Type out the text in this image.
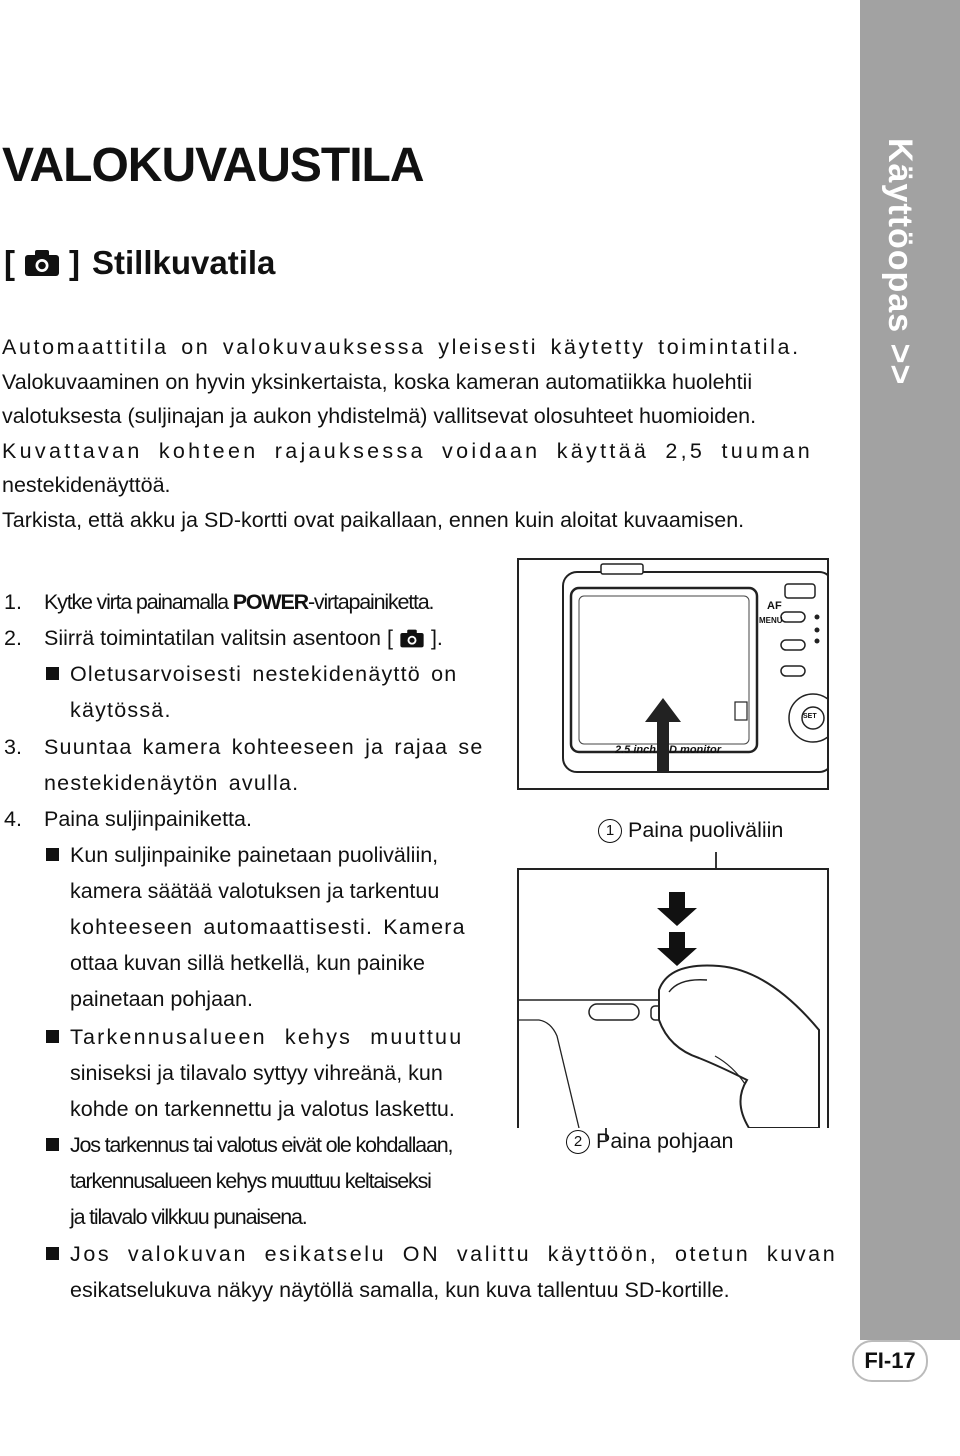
Käyttöopas >>
VALOKUVAUSTILA
[ ] Stillkuvatila
Automaattitila on valokuvauksessa yleisesti käytetty toimintatila.
Valokuvaaminen on hyvin yksinkertaista, koska kameran automatiikka huolehtii
valotuksesta (suljinajan ja aukon yhdistelmä) vallitsevat olosuhteet huomioiden.
Kuvattavan kohteen rajauksessa voidaan käyttää 2,5 tuuman
nestekidenäyttöä.
Tarkista, että akku ja SD-kortti ovat paikallaan, ennen kuin aloitat kuvaamisen.
1. Kytke virta painamalla POWER-virtapainiketta.
2. Siirrä toimintatilan valitsin asentoon [ ].
Oletusarvoisesti nestekidenäyttö on
käytössä.
3. Suuntaa kamera kohteeseen ja rajaa se
nestekidenäytön avulla.
4. Paina suljinpainiketta.
Kun suljinpainike painetaan puoliväliin,
kamera säätää valotuksen ja tarkentuu
kohteeseen automaattisesti. Kamera
ottaa kuvan sillä hetkellä, kun painike
painetaan pohjaan.
Tarkennusalueen kehys muuttuu
siniseksi ja tilavalo syttyy vihreänä, kun
kohde on tarkennettu ja valotus laskettu.
Jos tarkennus tai valotus eivät ole kohdallaan,
tarkennusalueen kehys muuttuu keltaiseksi
ja tilavalo vilkkuu punaisena.
Jos valokuvan esikatselu ON valittu käyttöön, otetun kuvan
esikatselukuva näkyy näytöllä samalla, kun kuva tallentuu SD-kortille.
AF
MENU
SET
2.5 inch D monitor
1 Paina puoliväliin
2 Paina pohjaan
FI-17
